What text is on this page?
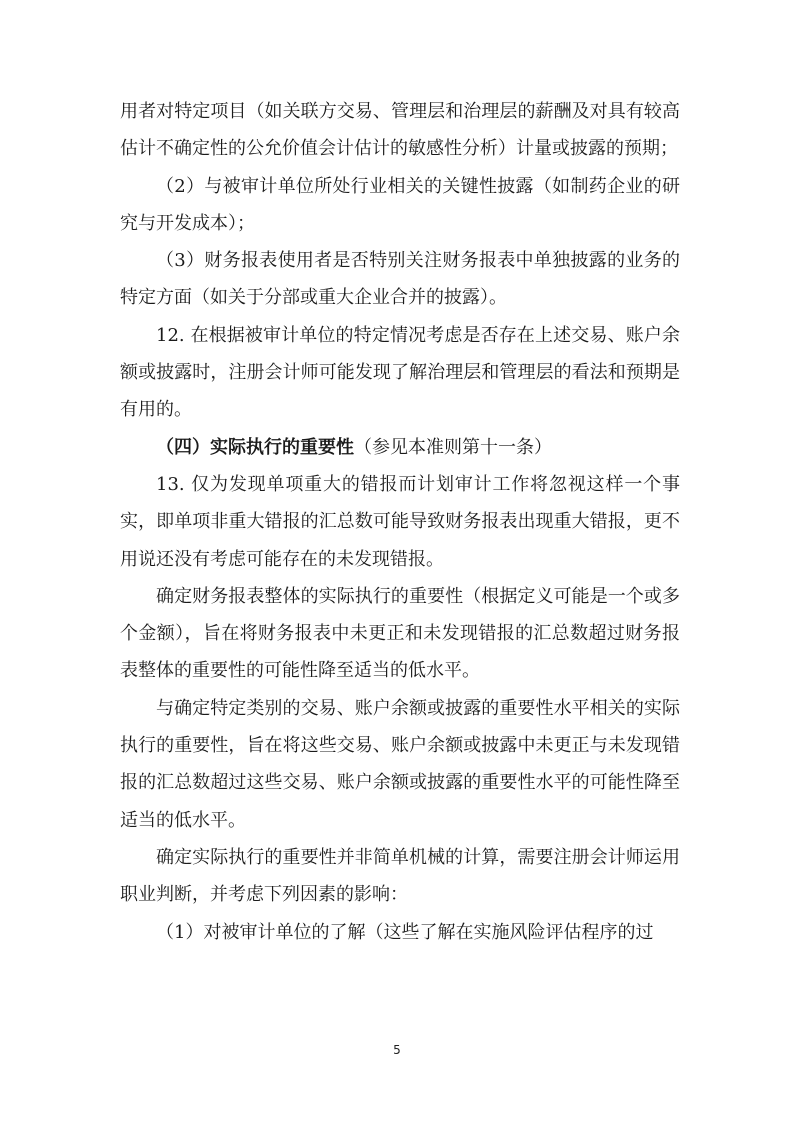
用者对特定项目（如关联方交易、管理层和治理层的薪酬及对具有较高估计不确定性的公允价值会计估计的敏感性分析）计量或披露的预期；

（2）与被审计单位所处行业相关的关键性披露（如制药企业的研究与开发成本）；

（3）财务报表使用者是否特别关注财务报表中单独披露的业务的特定方面（如关于分部或重大企业合并的披露）。

12. 在根据被审计单位的特定情况考虑是否存在上述交易、账户余额或披露时，注册会计师可能发现了解治理层和管理层的看法和预期是有用的。

（四）实际执行的重要性（参见本准则第十一条）

13. 仅为发现单项重大的错报而计划审计工作将忽视这样一个事实，即单项非重大错报的汇总数可能导致财务报表出现重大错报，更不用说还没有考虑可能存在的未发现错报。

确定财务报表整体的实际执行的重要性（根据定义可能是一个或多个金额），旨在将财务报表中未更正和未发现错报的汇总数超过财务报表整体的重要性的可能性降至适当的低水平。

与确定特定类别的交易、账户余额或披露的重要性水平相关的实际执行的重要性，旨在将这些交易、账户余额或披露中未更正与未发现错报的汇总数超过这些交易、账户余额或披露的重要性水平的可能性降至适当的低水平。

确定实际执行的重要性并非简单机械的计算，需要注册会计师运用职业判断，并考虑下列因素的影响：

（1）对被审计单位的了解（这些了解在实施风险评估程序的过

5
